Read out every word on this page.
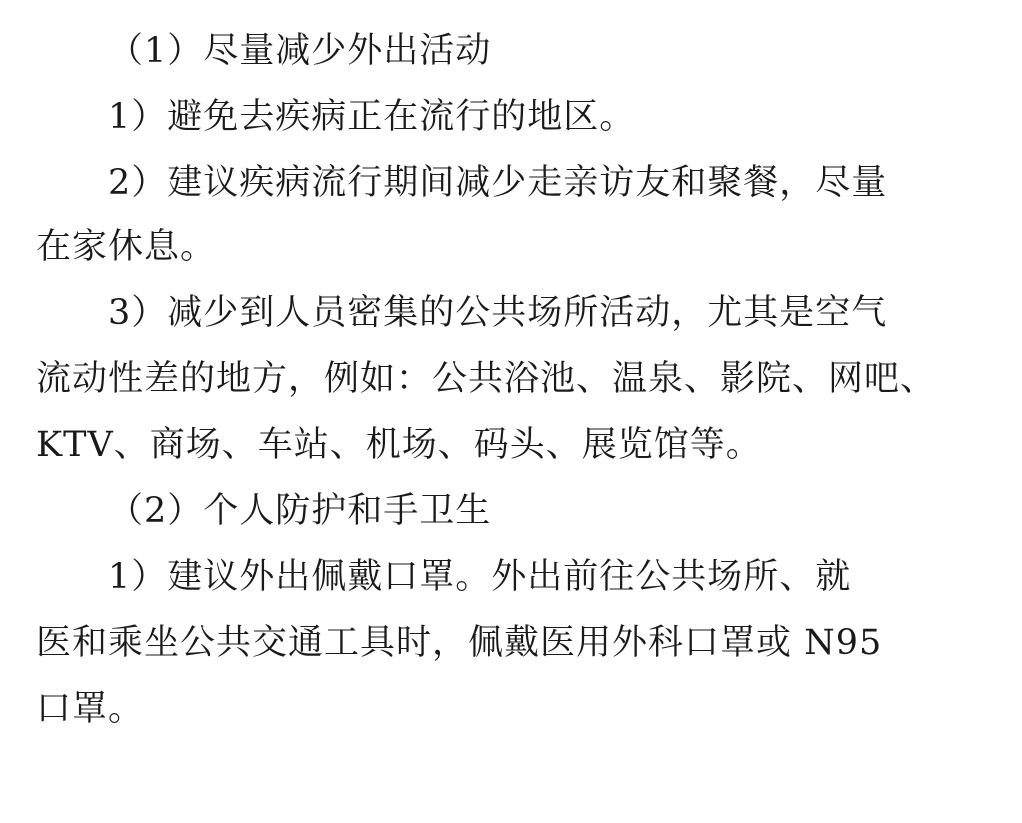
（1）尽量减少外出活动
1）避免去疾病正在流行的地区。
2）建议疾病流行期间减少走亲访友和聚餐，尽量
在家休息。
3）减少到人员密集的公共场所活动，尤其是空气
流动性差的地方，例如：公共浴池、温泉、影院、网吧、
KTV、商场、车站、机场、码头、展览馆等。
（2）个人防护和手卫生
1）建议外出佩戴口罩。外出前往公共场所、就
医和乘坐公共交通工具时，佩戴医用外科口罩或 N95
口罩。
